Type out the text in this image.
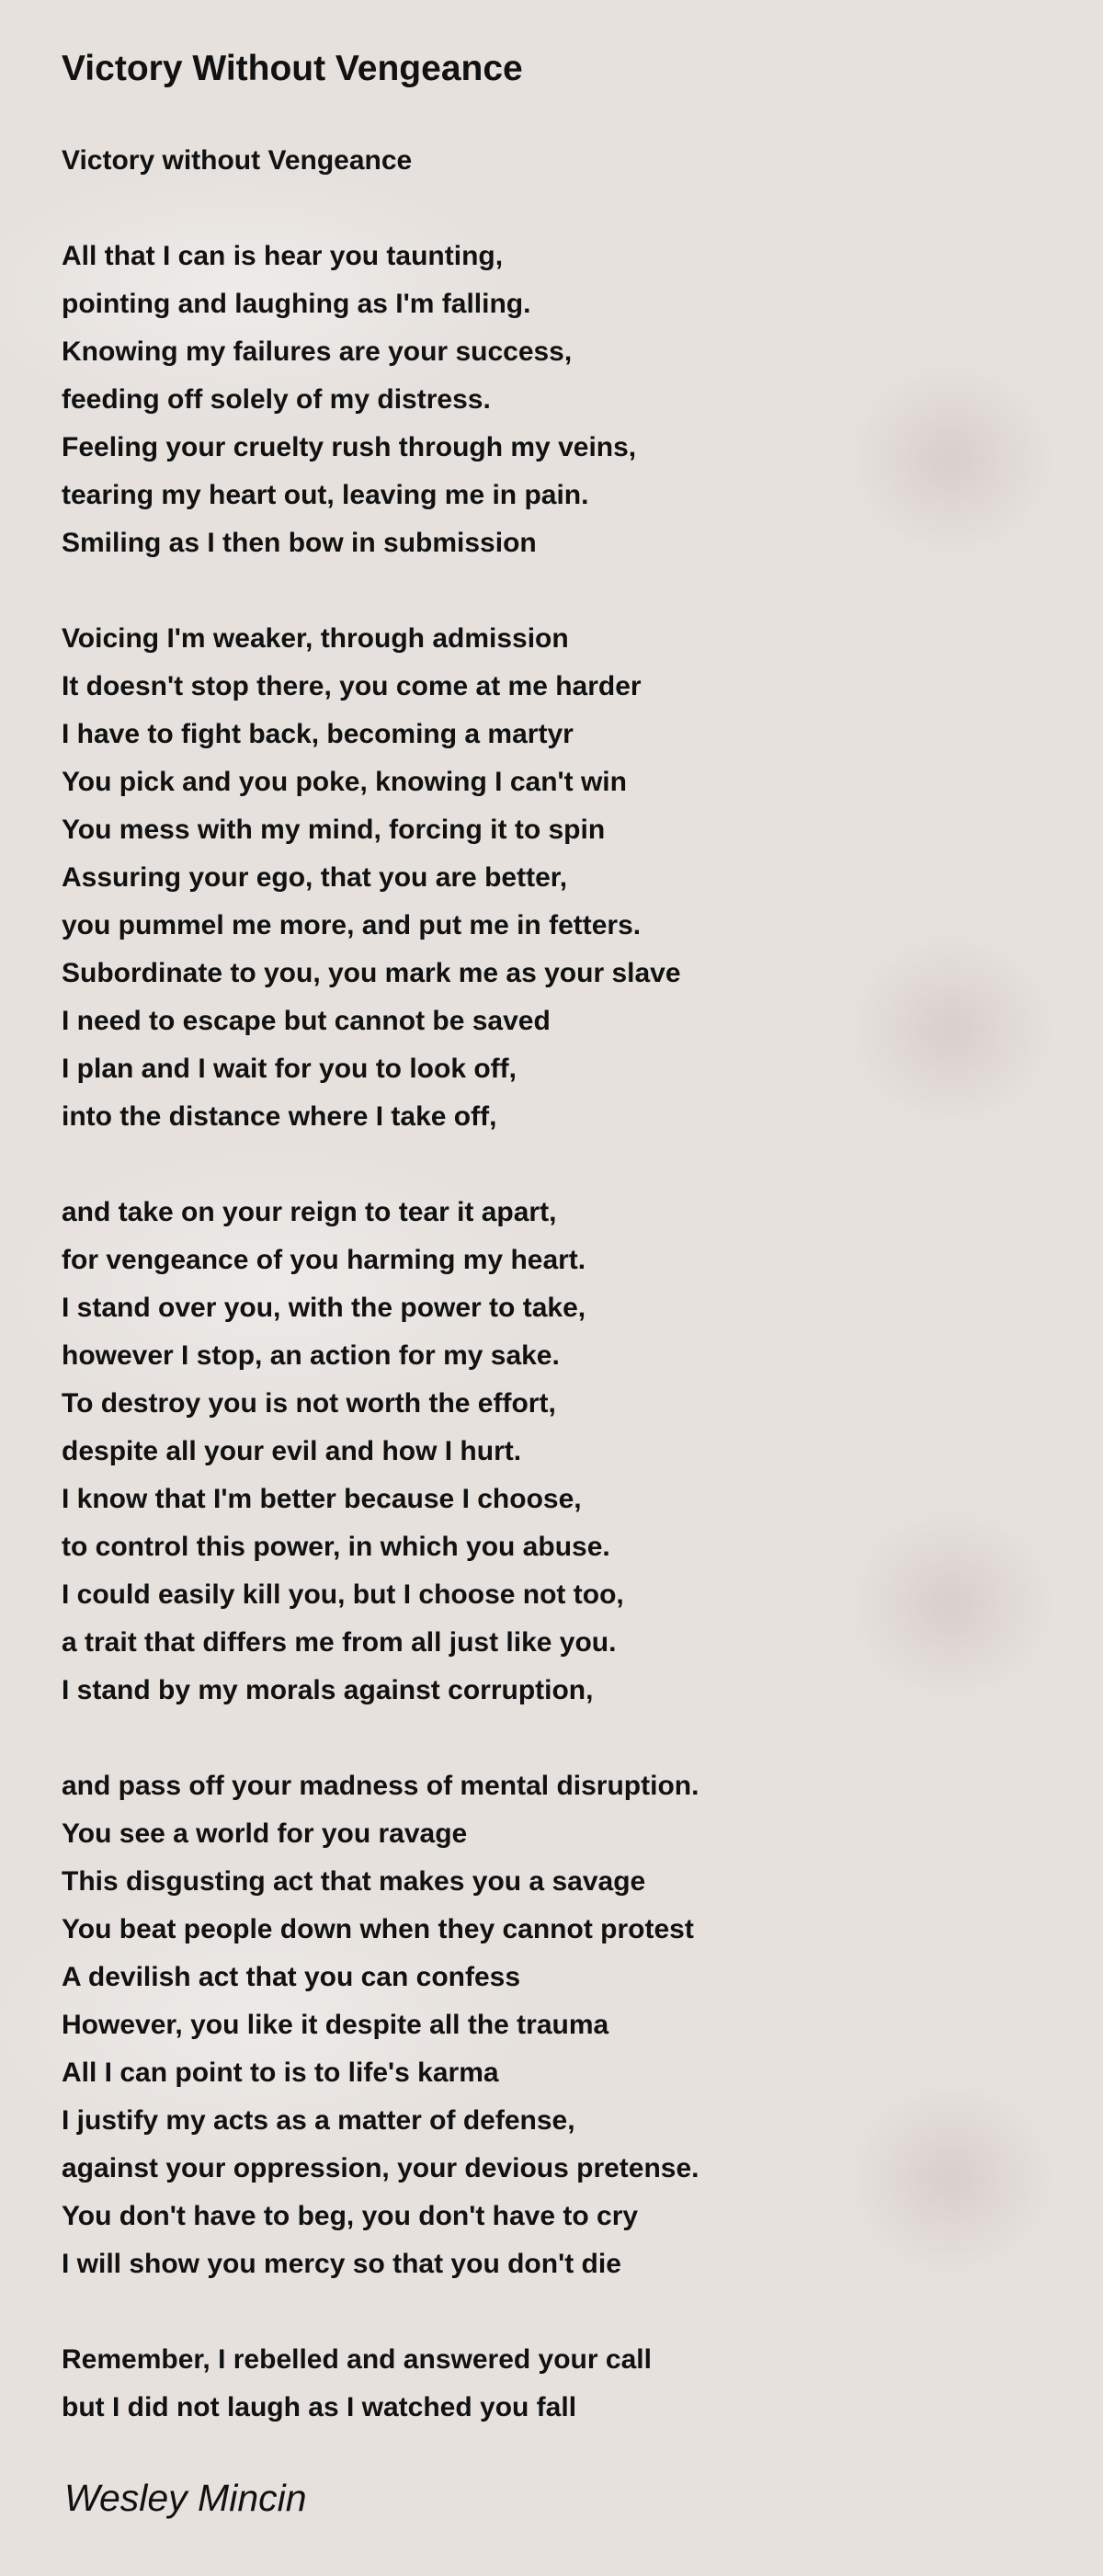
Victory Without Vengeance
Victory without Vengeance
All that I can is hear you taunting,
pointing and laughing as I'm falling.
Knowing my failures are your success,
feeding off solely of my distress.
Feeling your cruelty rush through my veins,
tearing my heart out, leaving me in pain.
Smiling as I then bow in submission
Voicing I'm weaker, through admission
It doesn't stop there, you come at me harder
I have to fight back, becoming a martyr
You pick and you poke, knowing I can't win
You mess with my mind, forcing it to spin
Assuring your ego, that you are better,
you pummel me more, and put me in fetters.
Subordinate to you, you mark me as your slave
I need to escape but cannot be saved
I plan and I wait for you to look off,
into the distance where I take off,
and take on your reign to tear it apart,
for vengeance of you harming my heart.
I stand over you, with the power to take,
however I stop, an action for my sake.
To destroy you is not worth the effort,
despite all your evil and how I hurt.
I know that I'm better because I choose,
to control this power, in which you abuse.
I could easily kill you, but I choose not too,
a trait that differs me from all just like you.
I stand by my morals against corruption,
and pass off your madness of mental disruption.
You see a world for you ravage
This disgusting act that makes you a savage
You beat people down when they cannot protest
A devilish act that you can confess
However, you like it despite all the trauma
All I can point to is to life's karma
I justify my acts as a matter of defense,
against your oppression, your devious pretense.
You don't have to beg, you don't have to cry
I will show you mercy so that you don't die
Remember, I rebelled and answered your call
but I did not laugh as I watched you fall
Wesley Mincin
